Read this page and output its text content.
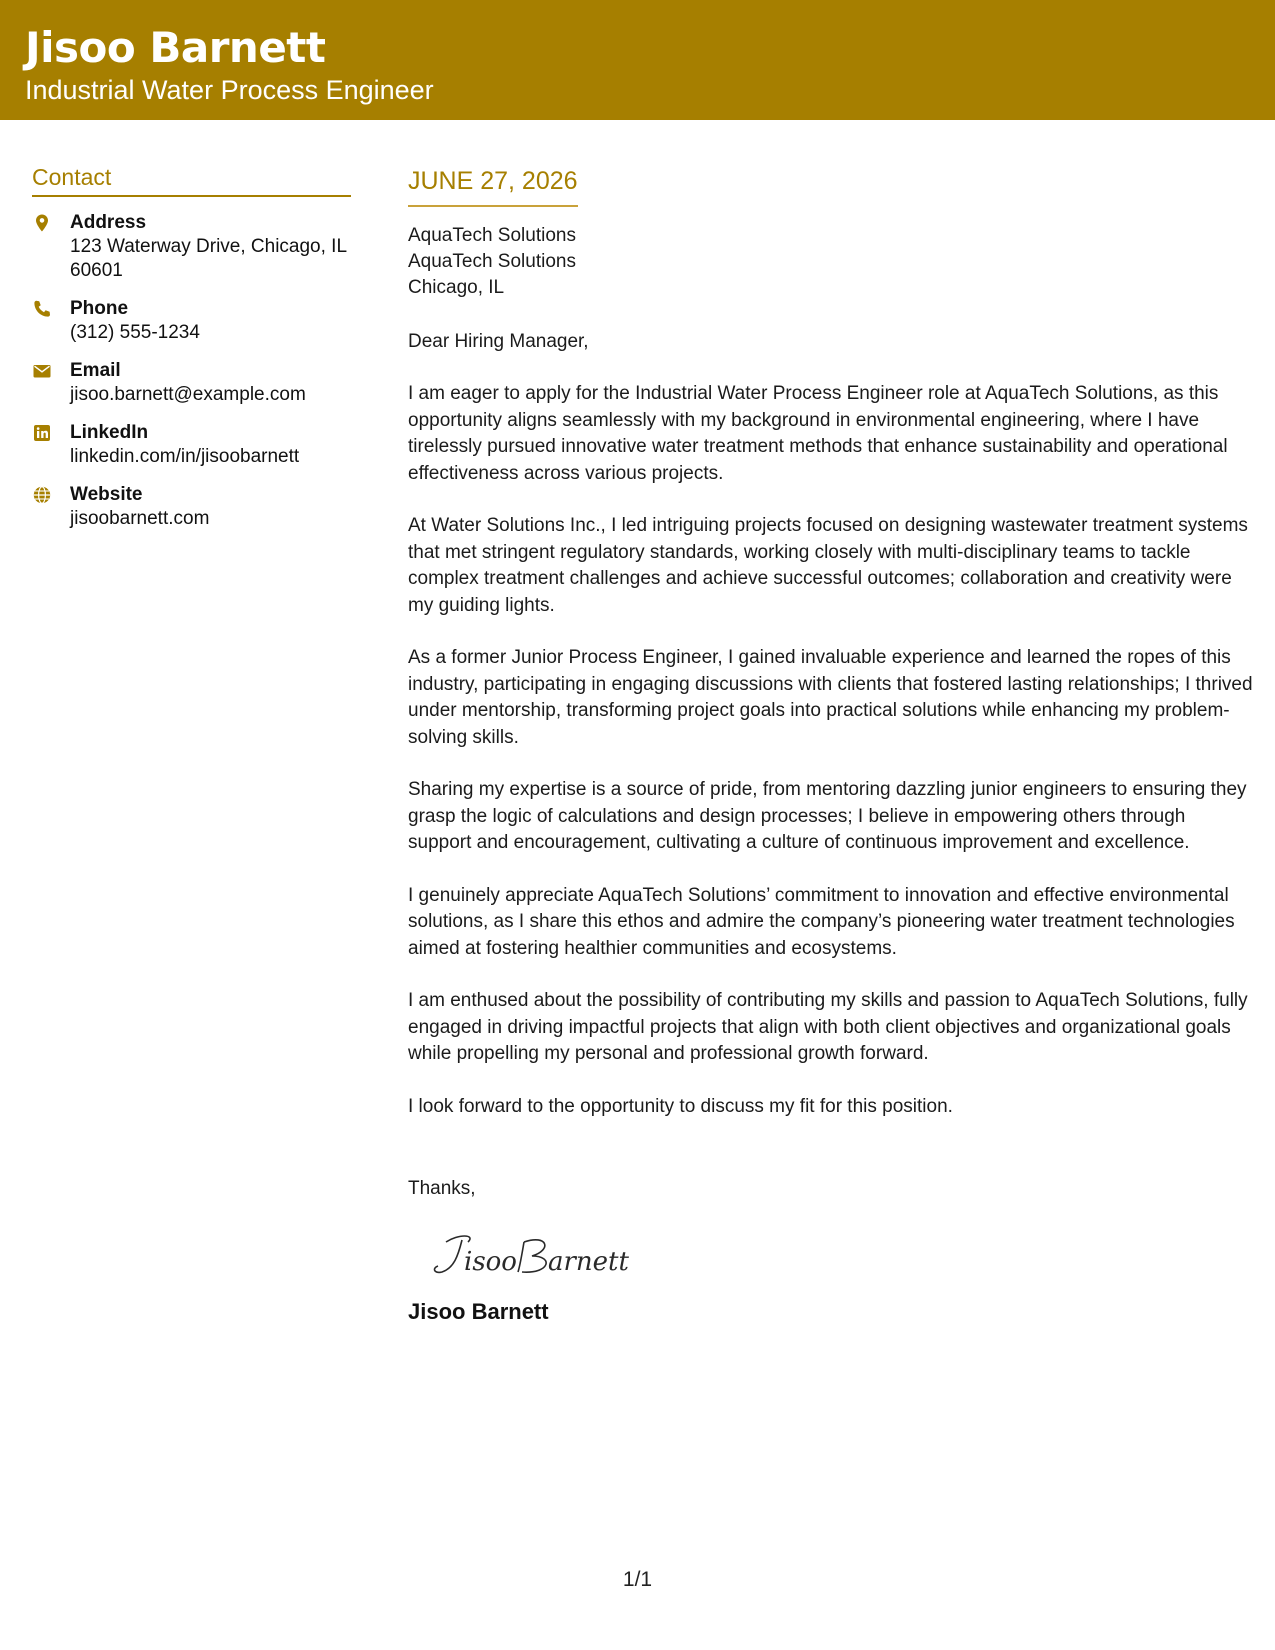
Jisoo Barnett
Industrial Water Process Engineer
Contact
Address
123 Waterway Drive, Chicago, IL 60601
Phone
(312) 555-1234
Email
jisoo.barnett@example.com
LinkedIn
linkedin.com/in/jisoobarnett
Website
jisoobarnett.com
JUNE 27, 2026
AquaTech Solutions
AquaTech Solutions
Chicago, IL
Dear Hiring Manager,
I am eager to apply for the Industrial Water Process Engineer role at AquaTech Solutions, as this opportunity aligns seamlessly with my background in environmental engineering, where I have tirelessly pursued innovative water treatment methods that enhance sustainability and operational effectiveness across various projects.
At Water Solutions Inc., I led intriguing projects focused on designing wastewater treatment systems that met stringent regulatory standards, working closely with multi-disciplinary teams to tackle complex treatment challenges and achieve successful outcomes; collaboration and creativity were my guiding lights.
As a former Junior Process Engineer, I gained invaluable experience and learned the ropes of this industry, participating in engaging discussions with clients that fostered lasting relationships; I thrived under mentorship, transforming project goals into practical solutions while enhancing my problem-solving skills.
Sharing my expertise is a source of pride, from mentoring dazzling junior engineers to ensuring they grasp the logic of calculations and design processes; I believe in empowering others through support and encouragement, cultivating a culture of continuous improvement and excellence.
I genuinely appreciate AquaTech Solutions’ commitment to innovation and effective environmental solutions, as I share this ethos and admire the company’s pioneering water treatment technologies aimed at fostering healthier communities and ecosystems.
I am enthused about the possibility of contributing my skills and passion to AquaTech Solutions, fully engaged in driving impactful projects that align with both client objectives and organizational goals while propelling my personal and professional growth forward.
I look forward to the opportunity to discuss my fit for this position.
Thanks,
isoo arnett
Jisoo Barnett
1/1
